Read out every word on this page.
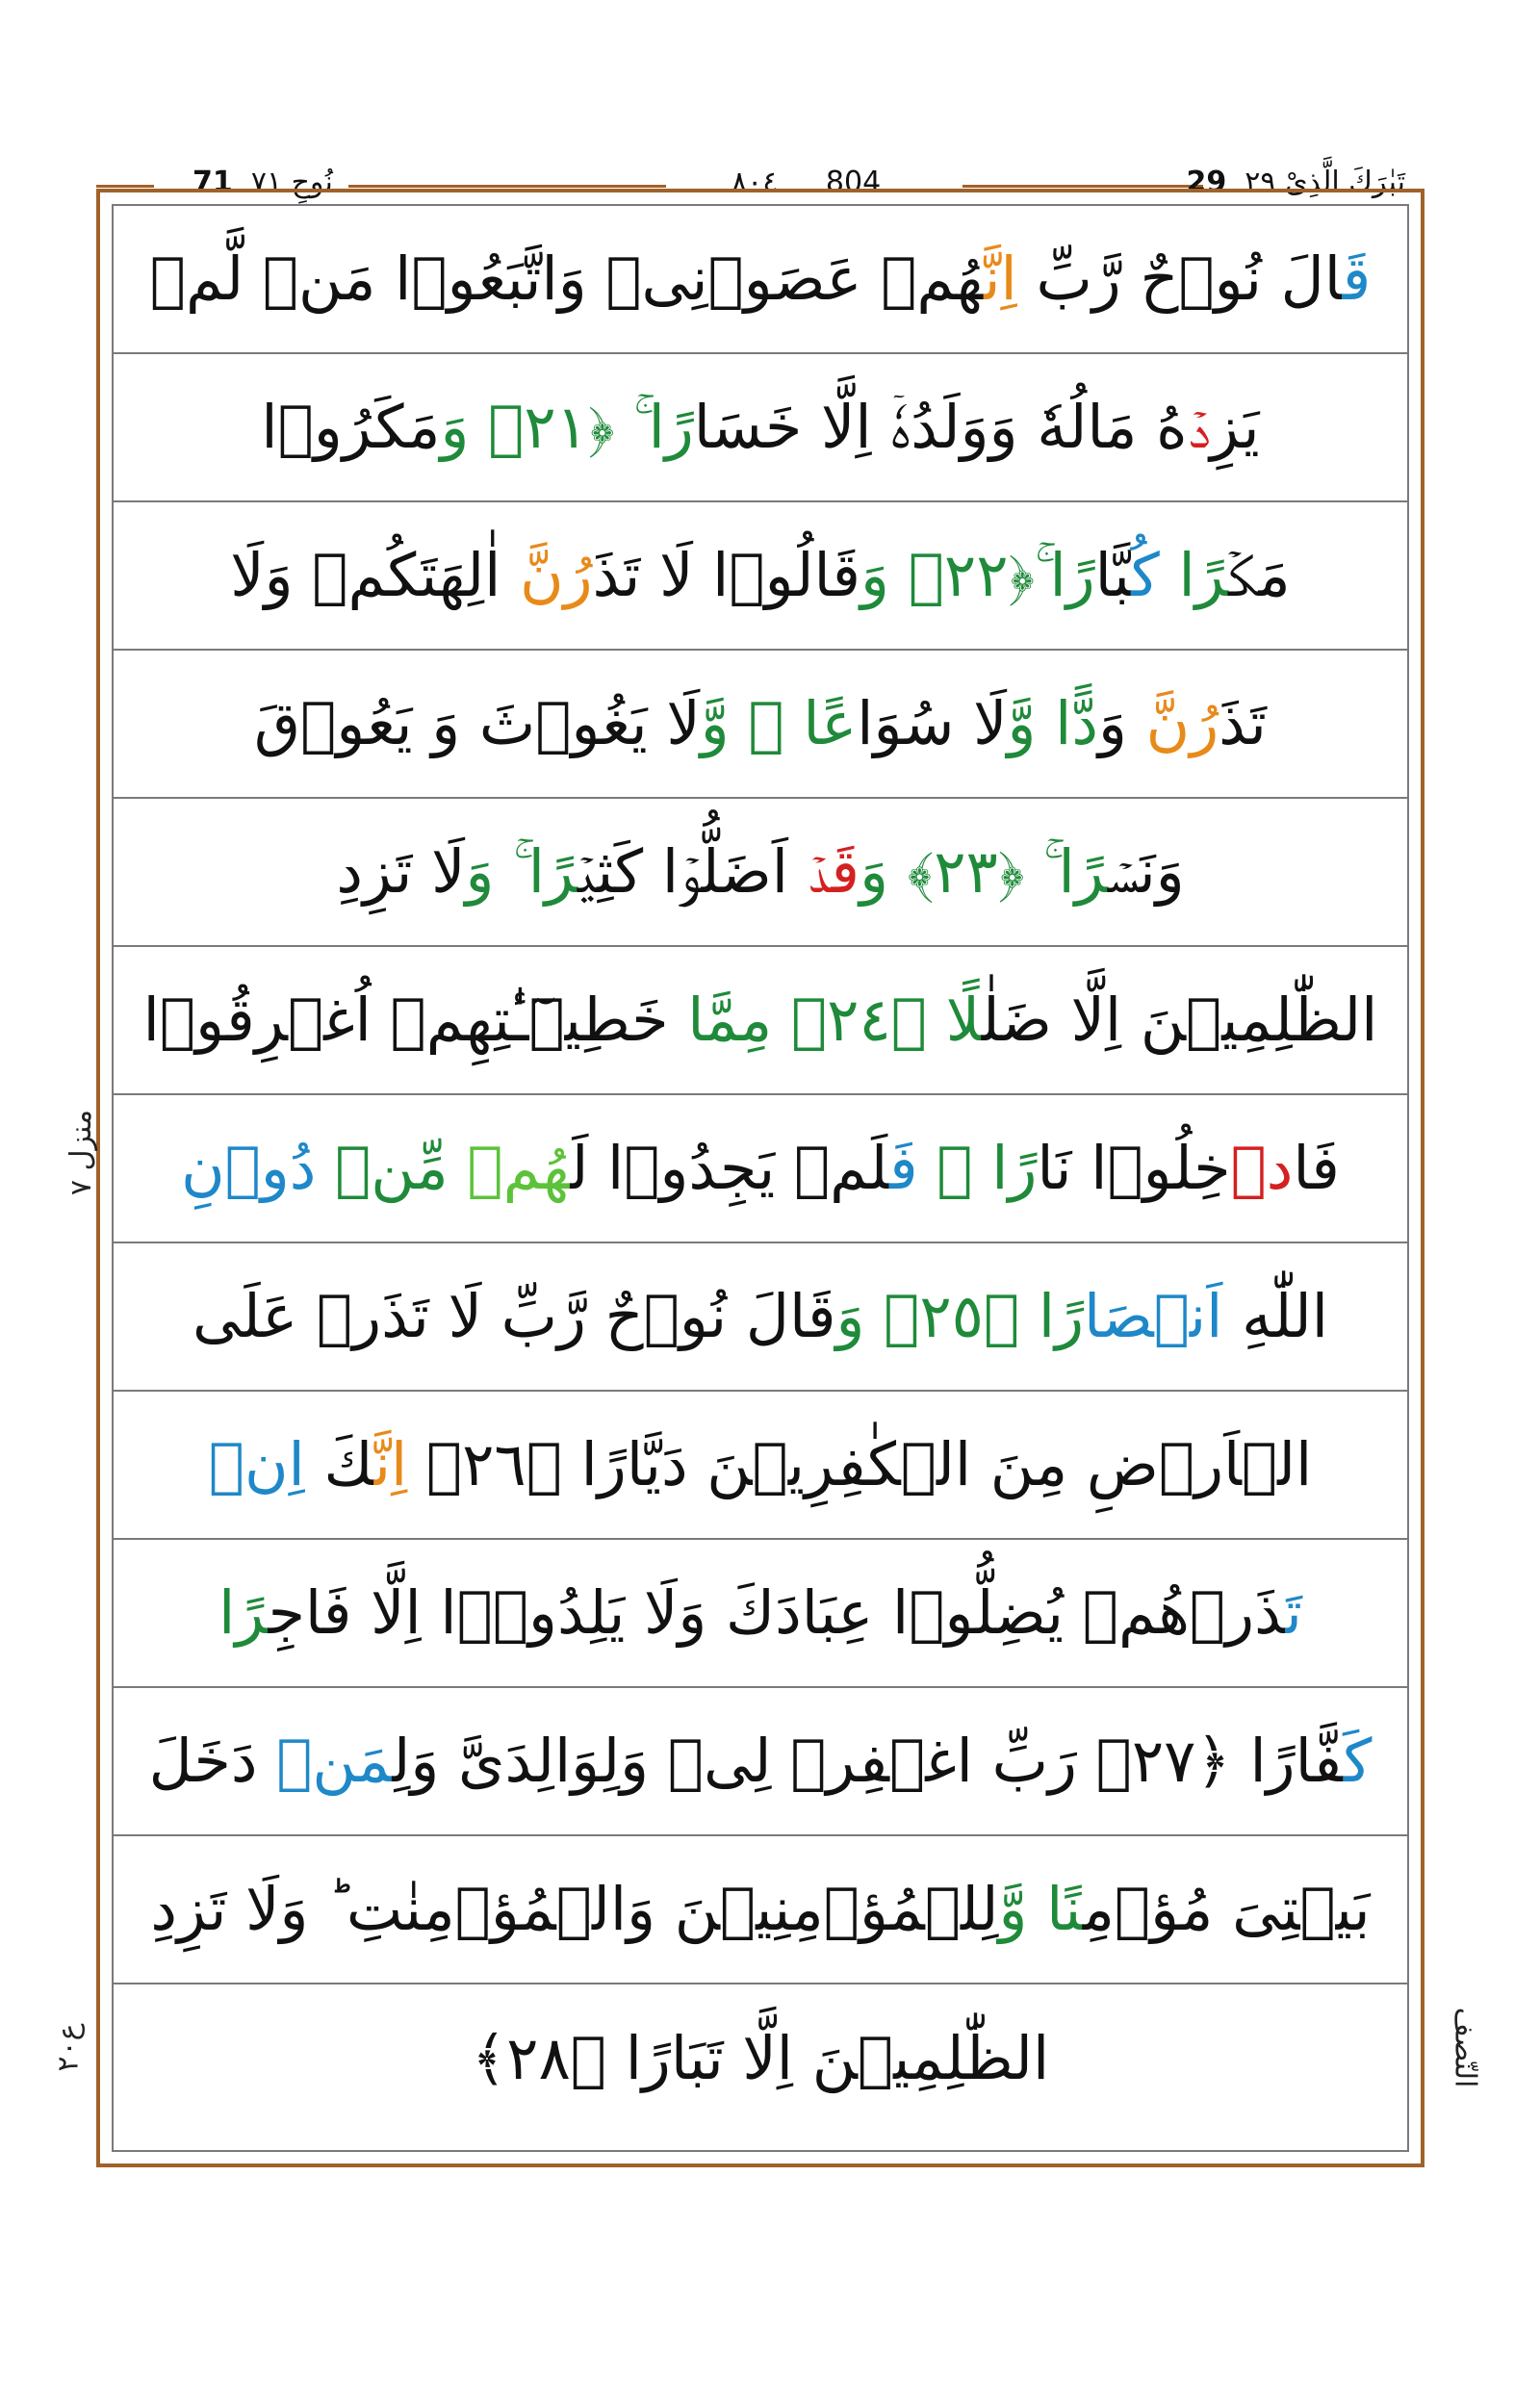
نُوحٍ ٧١  71	٨٠٤ 804	تَبٰرَكَ الَّذِیْ ٢٩  29
قَالَ نُوۡحٌ رَّبِّ اِنَّهُمۡ عَصَوۡنِیۡ وَاتَّبَعُوۡا مَنۡ لَّمۡ
یَزِدۡهُ مَالُهٗ وَوَلَدُهٗۤ اِلَّا خَسَارًا ۚ ﴿٢١﴾ وَمَكَرُوۡا
مَكۡرًا كُبَّارًا ۚ﴿٢٢﴾ وَقَالُوۡا لَا تَذَرُنَّ اٰلِهَتَكُمۡ وَلَا
تَذَرُنَّ وَدًّا وَّلَا سُوَاعًا ۙ وَّلَا یَغُوۡثَ وَ یَعُوۡقَ
وَنَسۡرًا ۚ ﴿٢٣﴾ وَقَدۡ اَضَلُّوۡا كَثِیۡرًا ۚ وَلَا تَزِدِ
الظّٰلِمِیۡنَ اِلَّا ضَلٰلًا ﴿٢٤﴾ مِمَّا خَطِیۡٓـٰٔتِهِمۡ اُغۡرِقُوۡا
فَادۡخِلُوۡا نَارًا ۙ فَلَمۡ یَجِدُوۡا لَهُمۡ مِّنۡ دُوۡنِ
اللّٰهِ اَنۡصَارًا ﴿٢٥﴾ وَقَالَ نُوۡحٌ رَّبِّ لَا تَذَرۡ عَلَى
الۡاَرۡضِ مِنَ الۡكٰفِرِیۡنَ دَیَّارًا ﴿٢٦﴾ اِنَّكَ اِنۡ
تَذَرۡهُمۡ یُضِلُّوۡا عِبَادَكَ وَلَا یَلِدُوۡۤا اِلَّا فَاجِرًا
كَفَّارًا ﴿٢٧﴾ رَبِّ اغۡفِرۡ لِیۡ وَلِوَالِدَیَّ وَلِمَنۡ دَخَلَ
بَیۡتِیَ مُؤۡمِنًا وَّلِلۡمُؤۡمِنِیۡنَ وَالۡمُؤۡمِنٰتِ ؕ وَلَا تَزِدِ
الظّٰلِمِیۡنَ اِلَّا تَبَارًا ﴿٢٨﴾
منزل ٧
ع٢٠	النّصف
